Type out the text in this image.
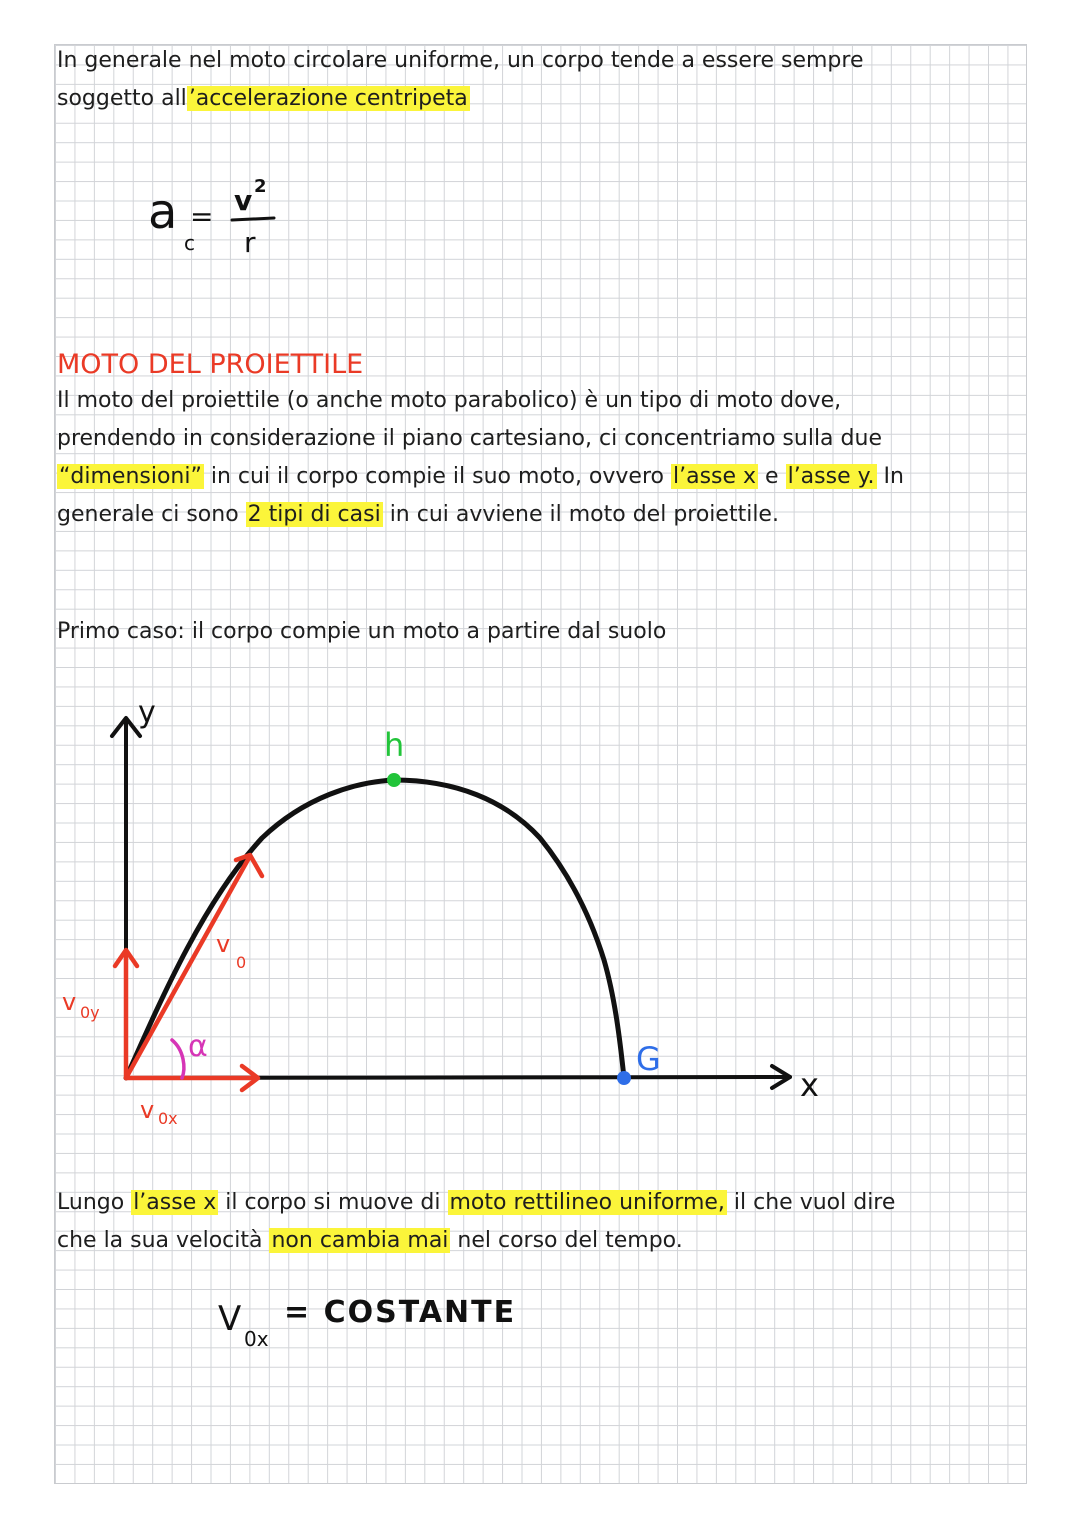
In generale nel moto circolare uniforme, un corpo tende a essere sempre
soggetto all’accelerazione centripeta
a
c
= v 2
r
MOTO DEL PROIETTILE
Il moto del proiettile (o anche moto parabolico) è un tipo di moto dove,
prendendo in considerazione il piano cartesiano, ci concentriamo sulla due
“dimensioni” in cui il corpo compie il suo moto, ovvero l’asse x e l’asse y. In
generale ci sono 2 tipi di casi in cui avviene il moto del proiettile.
Primo caso: il corpo compie un moto a partire dal suolo
y
x
v
0
v 0y
v 0x
α
h
G
Lungo l’asse x il corpo si muove di moto rettilineo uniforme, il che vuol dire
che la sua velocità non cambia mai nel corso del tempo.
V 0x
= COSTANTE
